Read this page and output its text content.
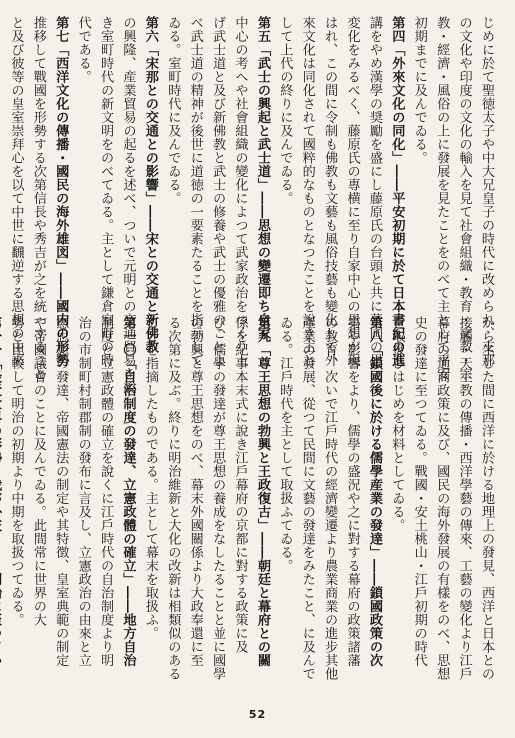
じめに於て聖徳太子や中大兄皇子の時代に改められ、支那
の文化や印度の文化の輸入を見て社會組織・教育・文教・宗
教・經濟・風俗の上に發展を見たことをのべて主として平安
初期までに及んでゐる。
第四「外來文化の同化」――平安初期に於て日本書紀の進
講をやめ漢學の奨勵を盛にし藤原氏の台頭と共に蕃国の思
変化をみるべく、藤原氏の專横に至り自家中心の思想が現
はれ、この間に令制も佛教も文藝も風俗技藝も變化して外
來文化は同化されて國粹的なものとなつたことを說き主と
して上代の終りに及んでゐる。
第五「武士の興起と武士道」――思想の變遷即ち自家
中心の考へや社會組織の變化によつて武家政治をつくり上
げ武士道と及び新佛教と武士の修養や武士の優雅のことよ
ベ武士道の精神が後世に道徳の一要素たることを指示して
ゐる。室町時代に及んでゐる。
第六「宋那との交通との影響」――宋との交通と新佛教
の興隆、産業貿易の起るを述べ、ついで元明との交通貿易を說
き室町時代の新文明をのべてゐる。主として鎌倉室町の時
代である。
第七「西洋文化の傳播・國民の海外雄図」――國内の形勢
推移して戰國を形勢する次第信長や秀吉が之を統一すること
と及び彼等の皇室崇拜心を以て中世に飜逆する思想の由來
から生じた間に西洋に於ける地理上の發見、西洋と日本との
接觸・天主教の傳播・西洋學藝の傳來、工藝の變化より江戶
幕府の通商政策に及び、國民の海外發展の有樣をのべ、思想
史の發達に至つてゐる。戰國・安土桃山・江戶初期の時代
を取扱ひはじめを材料としてゐる。
第八「鎖國後に於ける儒學産業の發達」――鎖國政策の次
第や影響をより、儒學の盛況や之に對する幕府の政策諸藩
の教育、次いで江戶時代の經濟變遷より農業商業の進步其他
產業の發展、從つて民間に文藝の發達をみたこと、に及んで
ゐる。江戶時代を主として取扱ふてゐる。
第九「尊王思想の勃興と王政復古」――朝廷と幕府との關
係を紀事本末式に說き江戶幕府の京都に對する政策に及
び、儒學の發達が尊王思想の養成をなしたることと並に國學
の勃興と尊王思想をのべ、幕末外國關係より大政奉還に至
る次第に及ぶ。終りに明治維新と大化の改新は相類似のある
ことを指摘したものである。主として幕末を取扱ふ。
第一〇「自治制度の發達、立憲政體の確立」――地方自治
制度と立憲政體の確立を說くに江戶時代の自治制度より明
治の市制町村制郡制の發布に言及し、立憲政治の由來と立
憲思想の發達、帝國憲法の制定や其特徴、皇室典範の制定
や帝國議會のことに及んでゐる。此間常に世界の大
勢と比較して明治の初期より中期を取扱つてゐる。
52
